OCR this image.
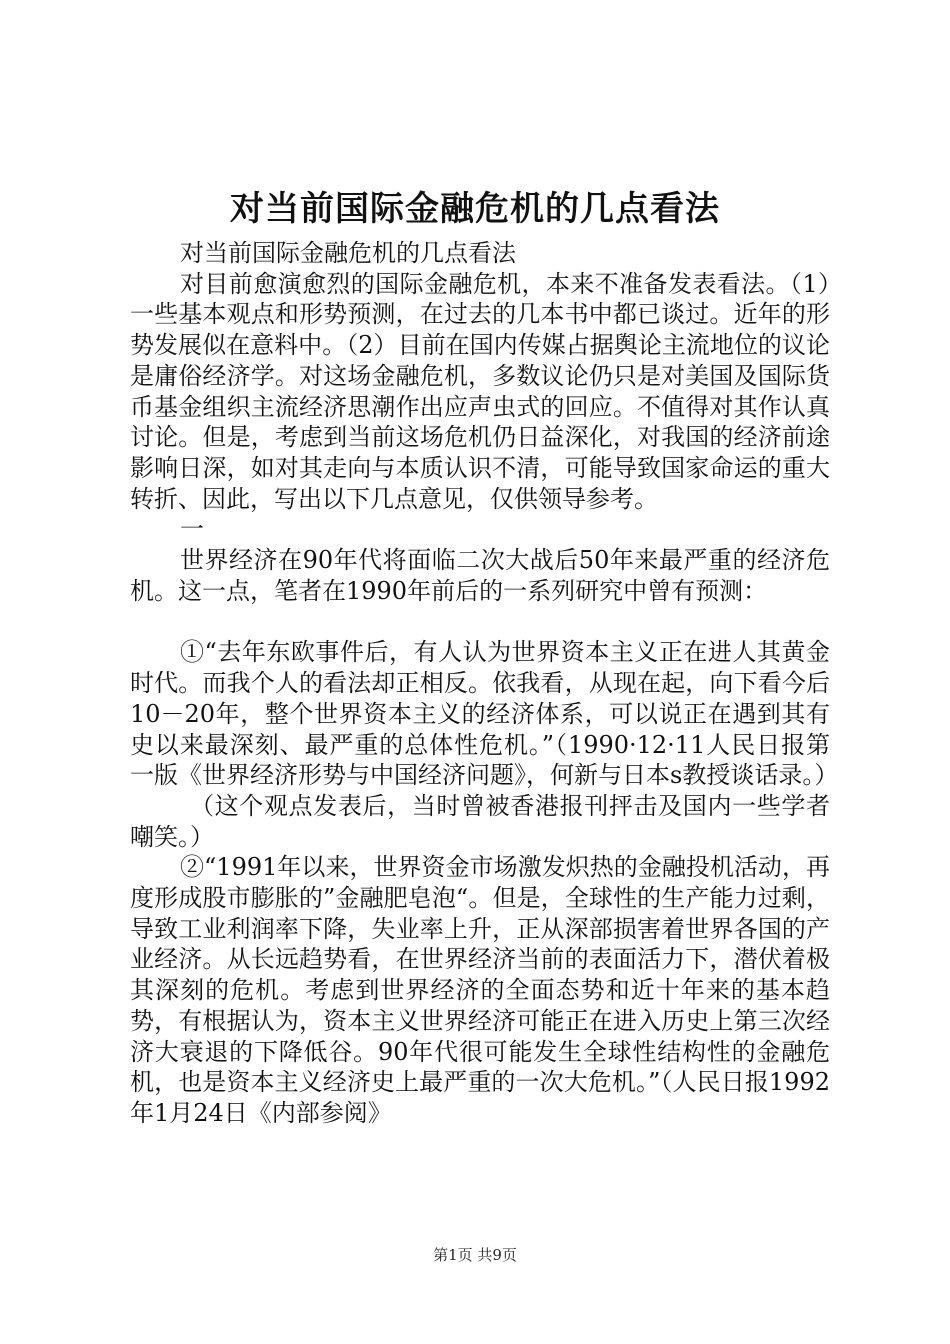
对当前国际金融危机的几点看法

对当前国际金融危机的几点看法

对目前愈演愈烈的国际金融危机，本来不准备发表看法。（1）一些基本观点和形势预测，在过去的几本书中都已谈过。近年的形势发展似在意料中。（2）目前在国内传媒占据舆论主流地位的议论是庸俗经济学。对这场金融危机，多数议论仍只是对美国及国际货币基金组织主流经济思潮作出应声虫式的回应。不值得对其作认真讨论。但是，考虑到当前这场危机仍日益深化，对我国的经济前途影响日深，如对其走向与本质认识不清，可能导致国家命运的重大转折、因此，写出以下几点意见，仅供领导参考。

一

世界经济在90年代将面临二次大战后50年来最严重的经济危机。这一点，笔者在1990年前后的一系列研究中曾有预测：

①“去年东欧事件后，有人认为世界资本主义正在进人其黄金时代。而我个人的看法却正相反。依我看，从现在起，向下看今后10－20年，整个世界资本主义的经济体系，可以说正在遇到其有史以来最深刻、最严重的总体性危机。”（1990·12·11人民日报第一版《世界经济形势与中国经济问题》，何新与日本s教授谈话录。）

（这个观点发表后，当时曾被香港报刊抨击及国内一些学者嘲笑。）

②“1991年以来，世界资金市场激发炽热的金融投机活动，再度形成股市膨胀的”金融肥皂泡“。但是，全球性的生产能力过剩，导致工业利润率下降，失业率上升，正从深部损害着世界各国的产业经济。从长远趋势看，在世界经济当前的表面活力下，潜伏着极其深刻的危机。考虑到世界经济的全面态势和近十年来的基本趋势，有根据认为，资本主义世界经济可能正在进入历史上第三次经济大衰退的下降低谷。90年代很可能发生全球性结构性的金融危机，也是资本主义经济史上最严重的一次大危机。”（人民日报1992年1月24日《内部参阅》

第1页 共9页
